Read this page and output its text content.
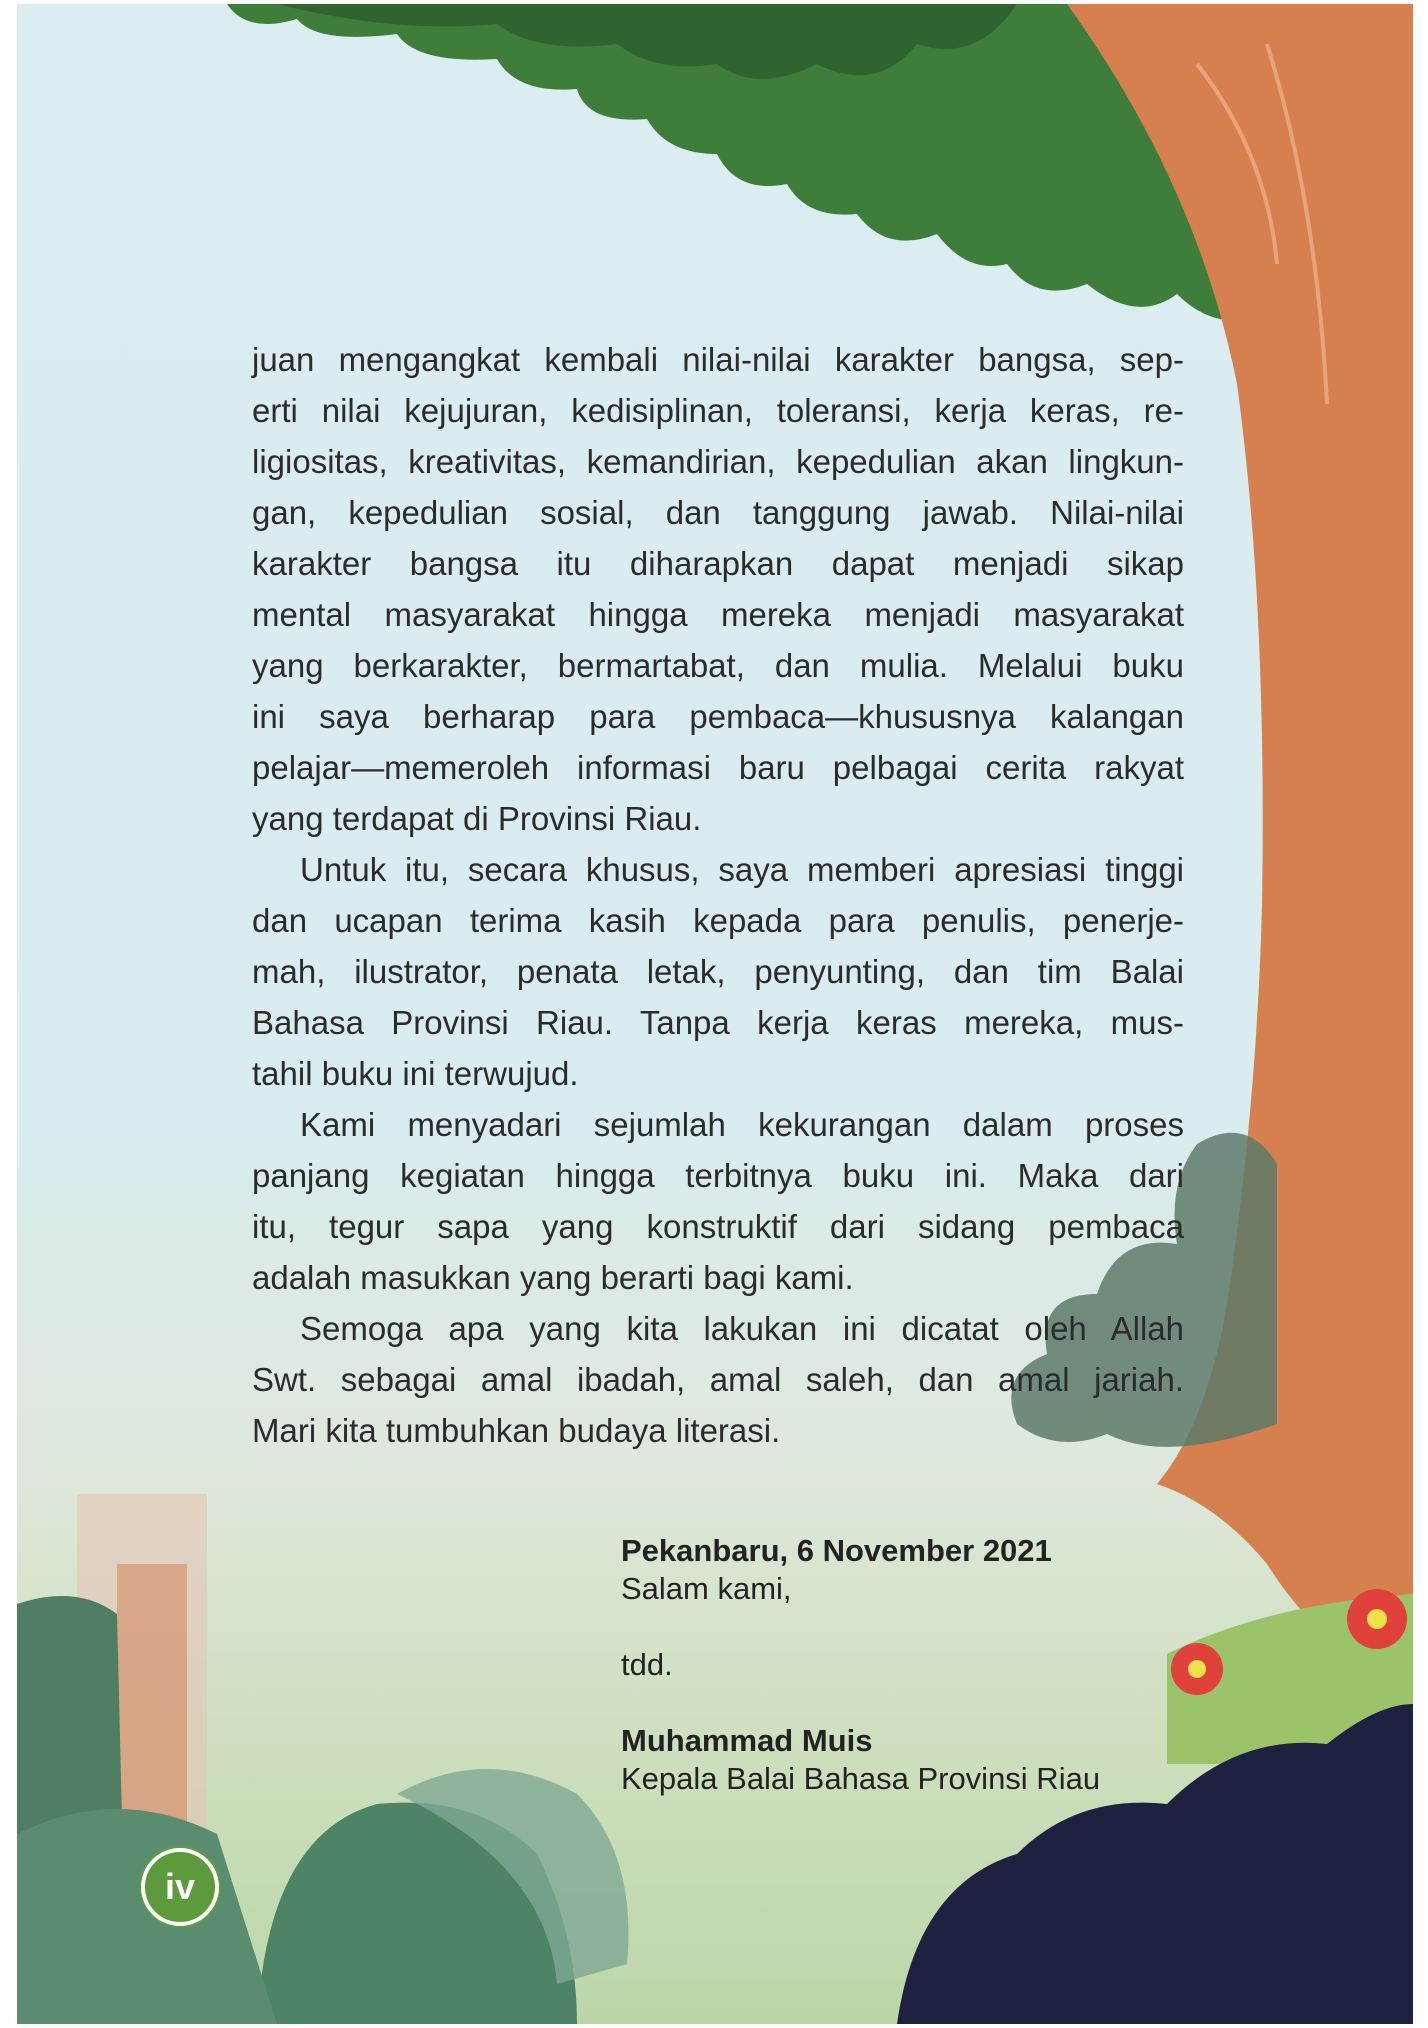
juan mengangkat kembali nilai-nilai karakter bangsa, sep-
erti nilai kejujuran, kedisiplinan, toleransi, kerja keras, re-
ligiositas, kreativitas, kemandirian, kepedulian akan lingkun-
gan, kepedulian sosial, dan tanggung jawab. Nilai-nilai
karakter bangsa itu diharapkan dapat menjadi sikap
mental masyarakat hingga mereka menjadi masyarakat
yang berkarakter, bermartabat, dan mulia. Melalui buku
ini saya berharap para pembaca—khususnya kalangan
pelajar—memeroleh informasi baru pelbagai cerita rakyat
yang terdapat di Provinsi Riau.
Untuk itu, secara khusus, saya memberi apresiasi tinggi
dan ucapan terima kasih kepada para penulis, penerje-
mah, ilustrator, penata letak, penyunting, dan tim Balai
Bahasa Provinsi Riau. Tanpa kerja keras mereka, mus-
tahil buku ini terwujud.
Kami menyadari sejumlah kekurangan dalam proses
panjang kegiatan hingga terbitnya buku ini. Maka dari
itu, tegur sapa yang konstruktif dari sidang pembaca
adalah masukkan yang berarti bagi kami.
Semoga apa yang kita lakukan ini dicatat oleh Allah
Swt. sebagai amal ibadah, amal saleh, dan amal jariah.
Mari kita tumbuhkan budaya literasi.
Pekanbaru, 6 November 2021
Salam kami,
tdd.
Muhammad Muis
Kepala Balai Bahasa Provinsi Riau
iv
